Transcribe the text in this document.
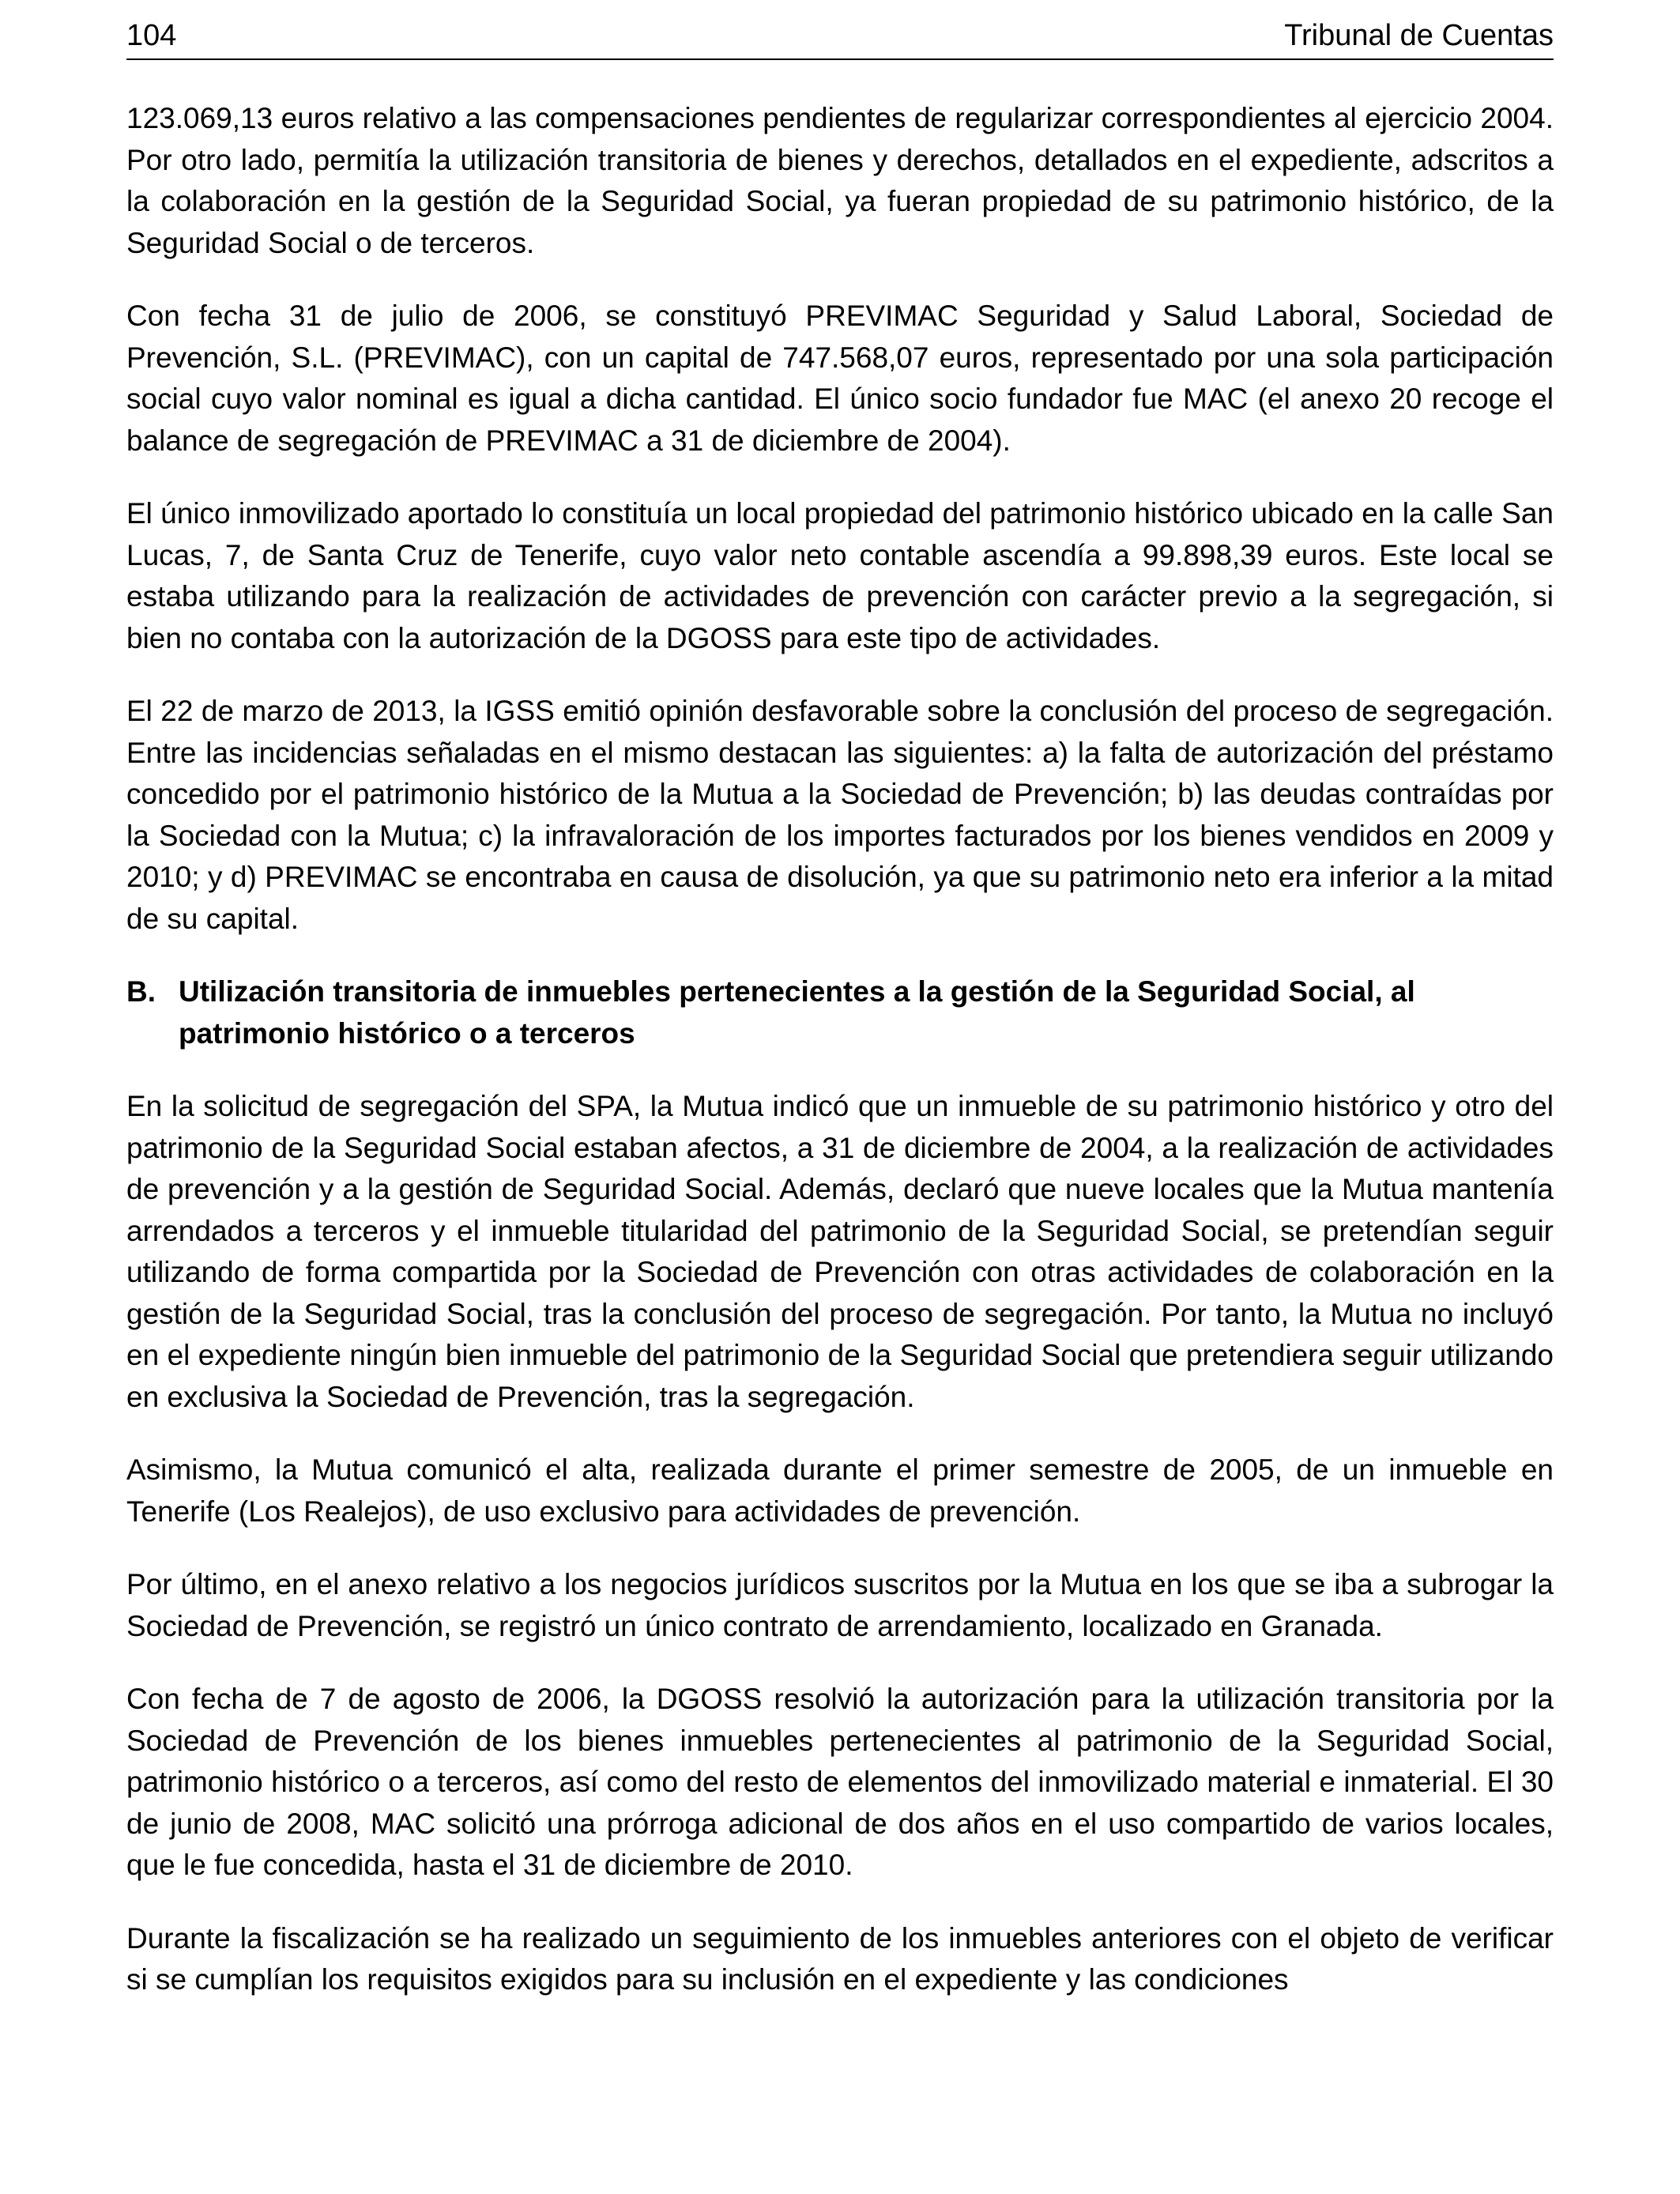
104	Tribunal de Cuentas

123.069,13 euros relativo a las compensaciones pendientes de regularizar correspondientes al ejercicio 2004. Por otro lado, permitía la utilización transitoria de bienes y derechos, detallados en el expediente, adscritos a la colaboración en la gestión de la Seguridad Social, ya fueran propiedad de su patrimonio histórico, de la Seguridad Social o de terceros.

Con fecha 31 de julio de 2006, se constituyó PREVIMAC Seguridad y Salud Laboral, Sociedad de Prevención, S.L. (PREVIMAC), con un capital de 747.568,07 euros, representado por una sola participación social cuyo valor nominal es igual a dicha cantidad. El único socio fundador fue MAC (el anexo 20 recoge el balance de segregación de PREVIMAC a 31 de diciembre de 2004).

El único inmovilizado aportado lo constituía un local propiedad del patrimonio histórico ubicado en la calle San Lucas, 7, de Santa Cruz de Tenerife, cuyo valor neto contable ascendía a 99.898,39 euros. Este local se estaba utilizando para la realización de actividades de prevención con carácter previo a la segregación, si bien no contaba con la autorización de la DGOSS para este tipo de actividades.

El 22 de marzo de 2013, la IGSS emitió opinión desfavorable sobre la conclusión del proceso de segregación. Entre las incidencias señaladas en el mismo destacan las siguientes: a) la falta de autorización del préstamo concedido por el patrimonio histórico de la Mutua a la Sociedad de Prevención; b) las deudas contraídas por la Sociedad con la Mutua; c) la infravaloración de los importes facturados por los bienes vendidos en 2009 y 2010; y d) PREVIMAC se encontraba en causa de disolución, ya que su patrimonio neto era inferior a la mitad de su capital.

B. Utilización transitoria de inmuebles pertenecientes a la gestión de la Seguridad Social, al patrimonio histórico o a terceros

En la solicitud de segregación del SPA, la Mutua indicó que un inmueble de su patrimonio histórico y otro del patrimonio de la Seguridad Social estaban afectos, a 31 de diciembre de 2004, a la realización de actividades de prevención y a la gestión de Seguridad Social. Además, declaró que nueve locales que la Mutua mantenía arrendados a terceros y el inmueble titularidad del patrimonio de la Seguridad Social, se pretendían seguir utilizando de forma compartida por la Sociedad de Prevención con otras actividades de colaboración en la gestión de la Seguridad Social, tras la conclusión del proceso de segregación. Por tanto, la Mutua no incluyó en el expediente ningún bien inmueble del patrimonio de la Seguridad Social que pretendiera seguir utilizando en exclusiva la Sociedad de Prevención, tras la segregación.

Asimismo, la Mutua comunicó el alta, realizada durante el primer semestre de 2005, de un inmueble en Tenerife (Los Realejos), de uso exclusivo para actividades de prevención.

Por último, en el anexo relativo a los negocios jurídicos suscritos por la Mutua en los que se iba a subrogar la Sociedad de Prevención, se registró un único contrato de arrendamiento, localizado en Granada.

Con fecha de 7 de agosto de 2006, la DGOSS resolvió la autorización para la utilización transitoria por la Sociedad de Prevención de los bienes inmuebles pertenecientes al patrimonio de la Seguridad Social, patrimonio histórico o a terceros, así como del resto de elementos del inmovilizado material e inmaterial. El 30 de junio de 2008, MAC solicitó una prórroga adicional de dos años en el uso compartido de varios locales, que le fue concedida, hasta el 31 de diciembre de 2010.

Durante la fiscalización se ha realizado un seguimiento de los inmuebles anteriores con el objeto de verificar si se cumplían los requisitos exigidos para su inclusión en el expediente y las condiciones
